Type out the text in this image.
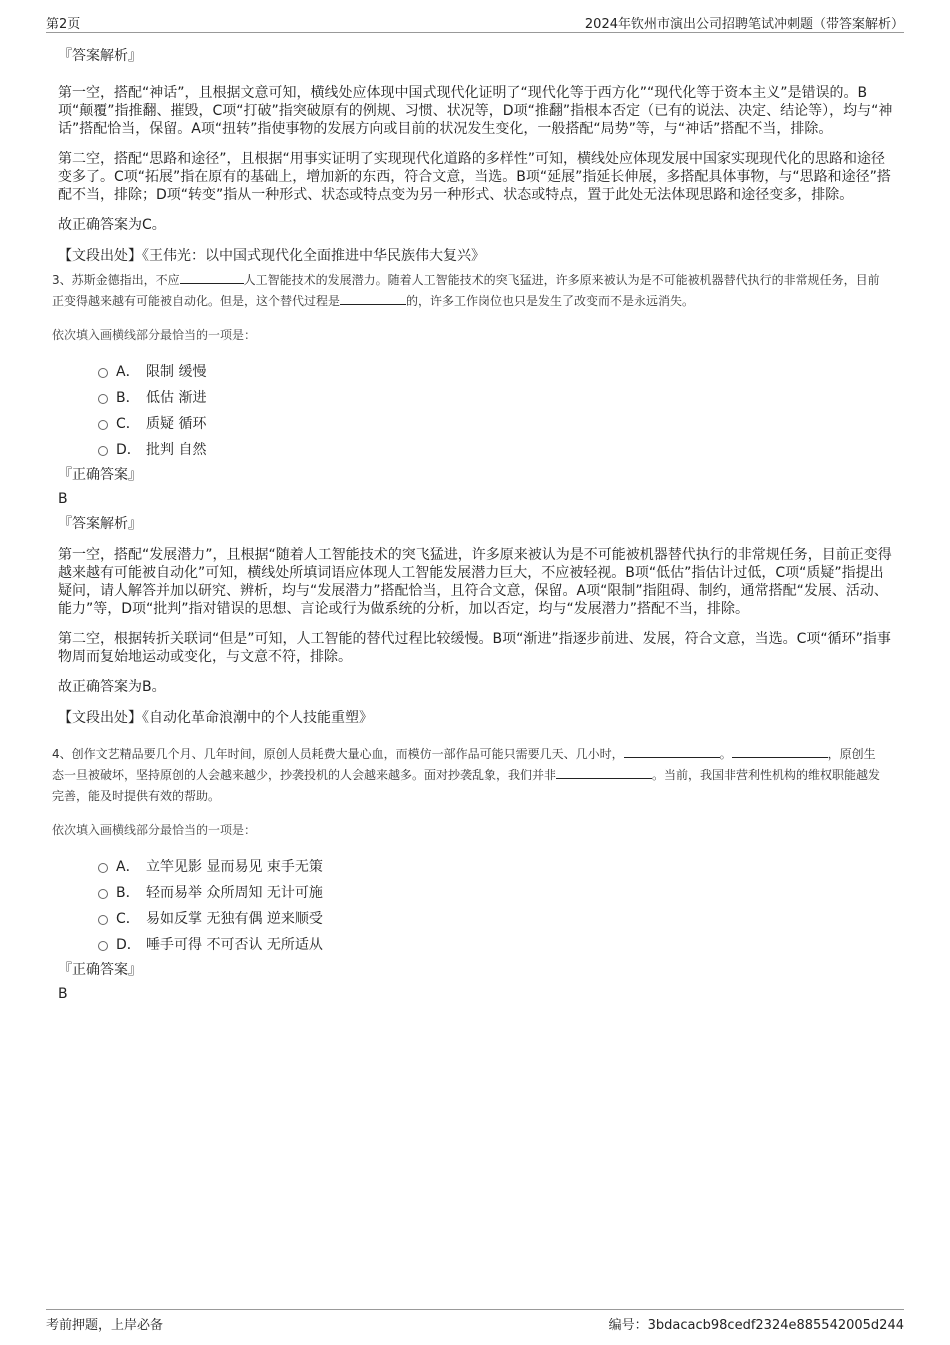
第2页	2024年钦州市演出公司招聘笔试冲刺题（带答案解析）
『答案解析』

第一空，搭配“神话”，且根据文意可知，横线处应体现中国式现代化证明了“现代化等于西方化”“现代化等于资本主义”是错误的。B项“颠覆”指推翻、摧毁，C项“打破”指突破原有的例规、习惯、状况等，D项“推翻”指根本否定（已有的说法、决定、结论等），均与“神话”搭配恰当，保留。A项“扭转”指使事物的发展方向或目前的状况发生变化，一般搭配“局势”等，与“神话”搭配不当，排除。

第二空，搭配“思路和途径”，且根据“用事实证明了实现现代化道路的多样性”可知，横线处应体现发展中国家实现现代化的思路和途径变多了。C项“拓展”指在原有的基础上，增加新的东西，符合文意，当选。B项“延展”指延长伸展，多搭配具体事物，与“思路和途径”搭配不当，排除；D项“转变”指从一种形式、状态或特点变为另一种形式、状态或特点，置于此处无法体现思路和途径变多，排除。

故正确答案为C。

【文段出处】《王伟光：以中国式现代化全面推进中华民族伟大复兴》
3、苏斯金德指出，不应	人工智能技术的发展潜力。随着人工智能技术的突飞猛进，许多原来被认为是不可能被机器替代执行的非常规任务，目前正变得越来越有可能被自动化。但是，这个替代过程是	的，许多工作岗位也只是发生了改变而不是永远消失。
依次填入画横线部分最恰当的一项是：
A． 限制 缓慢
B． 低估 渐进
C． 质疑 循环
D． 批判 自然
『正确答案』
B
『答案解析』

第一空，搭配“发展潜力”，且根据“随着人工智能技术的突飞猛进，许多原来被认为是不可能被机器替代执行的非常规任务，目前正变得越来越有可能被自动化”可知，横线处所填词语应体现人工智能发展潜力巨大，不应被轻视。B项“低估”指估计过低，C项“质疑”指提出疑问，请人解答并加以研究、辨析，均与“发展潜力”搭配恰当，且符合文意，保留。A项“限制”指阻碍、制约，通常搭配“发展、活动、能力”等，D项“批判”指对错误的思想、言论或行为做系统的分析，加以否定，均与“发展潜力”搭配不当，排除。

第二空，根据转折关联词“但是”可知，人工智能的替代过程比较缓慢。B项“渐进”指逐步前进、发展，符合文意，当选。C项“循环”指事物周而复始地运动或变化，与文意不符，排除。

故正确答案为B。

【文段出处】《自动化革命浪潮中的个人技能重塑》
4、创作文艺精品要几个月、几年时间，原创人员耗费大量心血，而模仿一部作品可能只需要几天、几小时，	。	，原创生态一旦被破坏，坚持原创的人会越来越少，抄袭投机的人会越来越多。面对抄袭乱象，我们并非	。当前，我国非营利性机构的维权职能越发完善，能及时提供有效的帮助。
依次填入画横线部分最恰当的一项是：
A． 立竿见影 显而易见 束手无策
B． 轻而易举 众所周知 无计可施
C． 易如反掌 无独有偶 逆来顺受
D． 唾手可得 不可否认 无所适从
『正确答案』
B
考前押题，上岸必备	编号：3bdacacb98cedf2324e885542005d244
